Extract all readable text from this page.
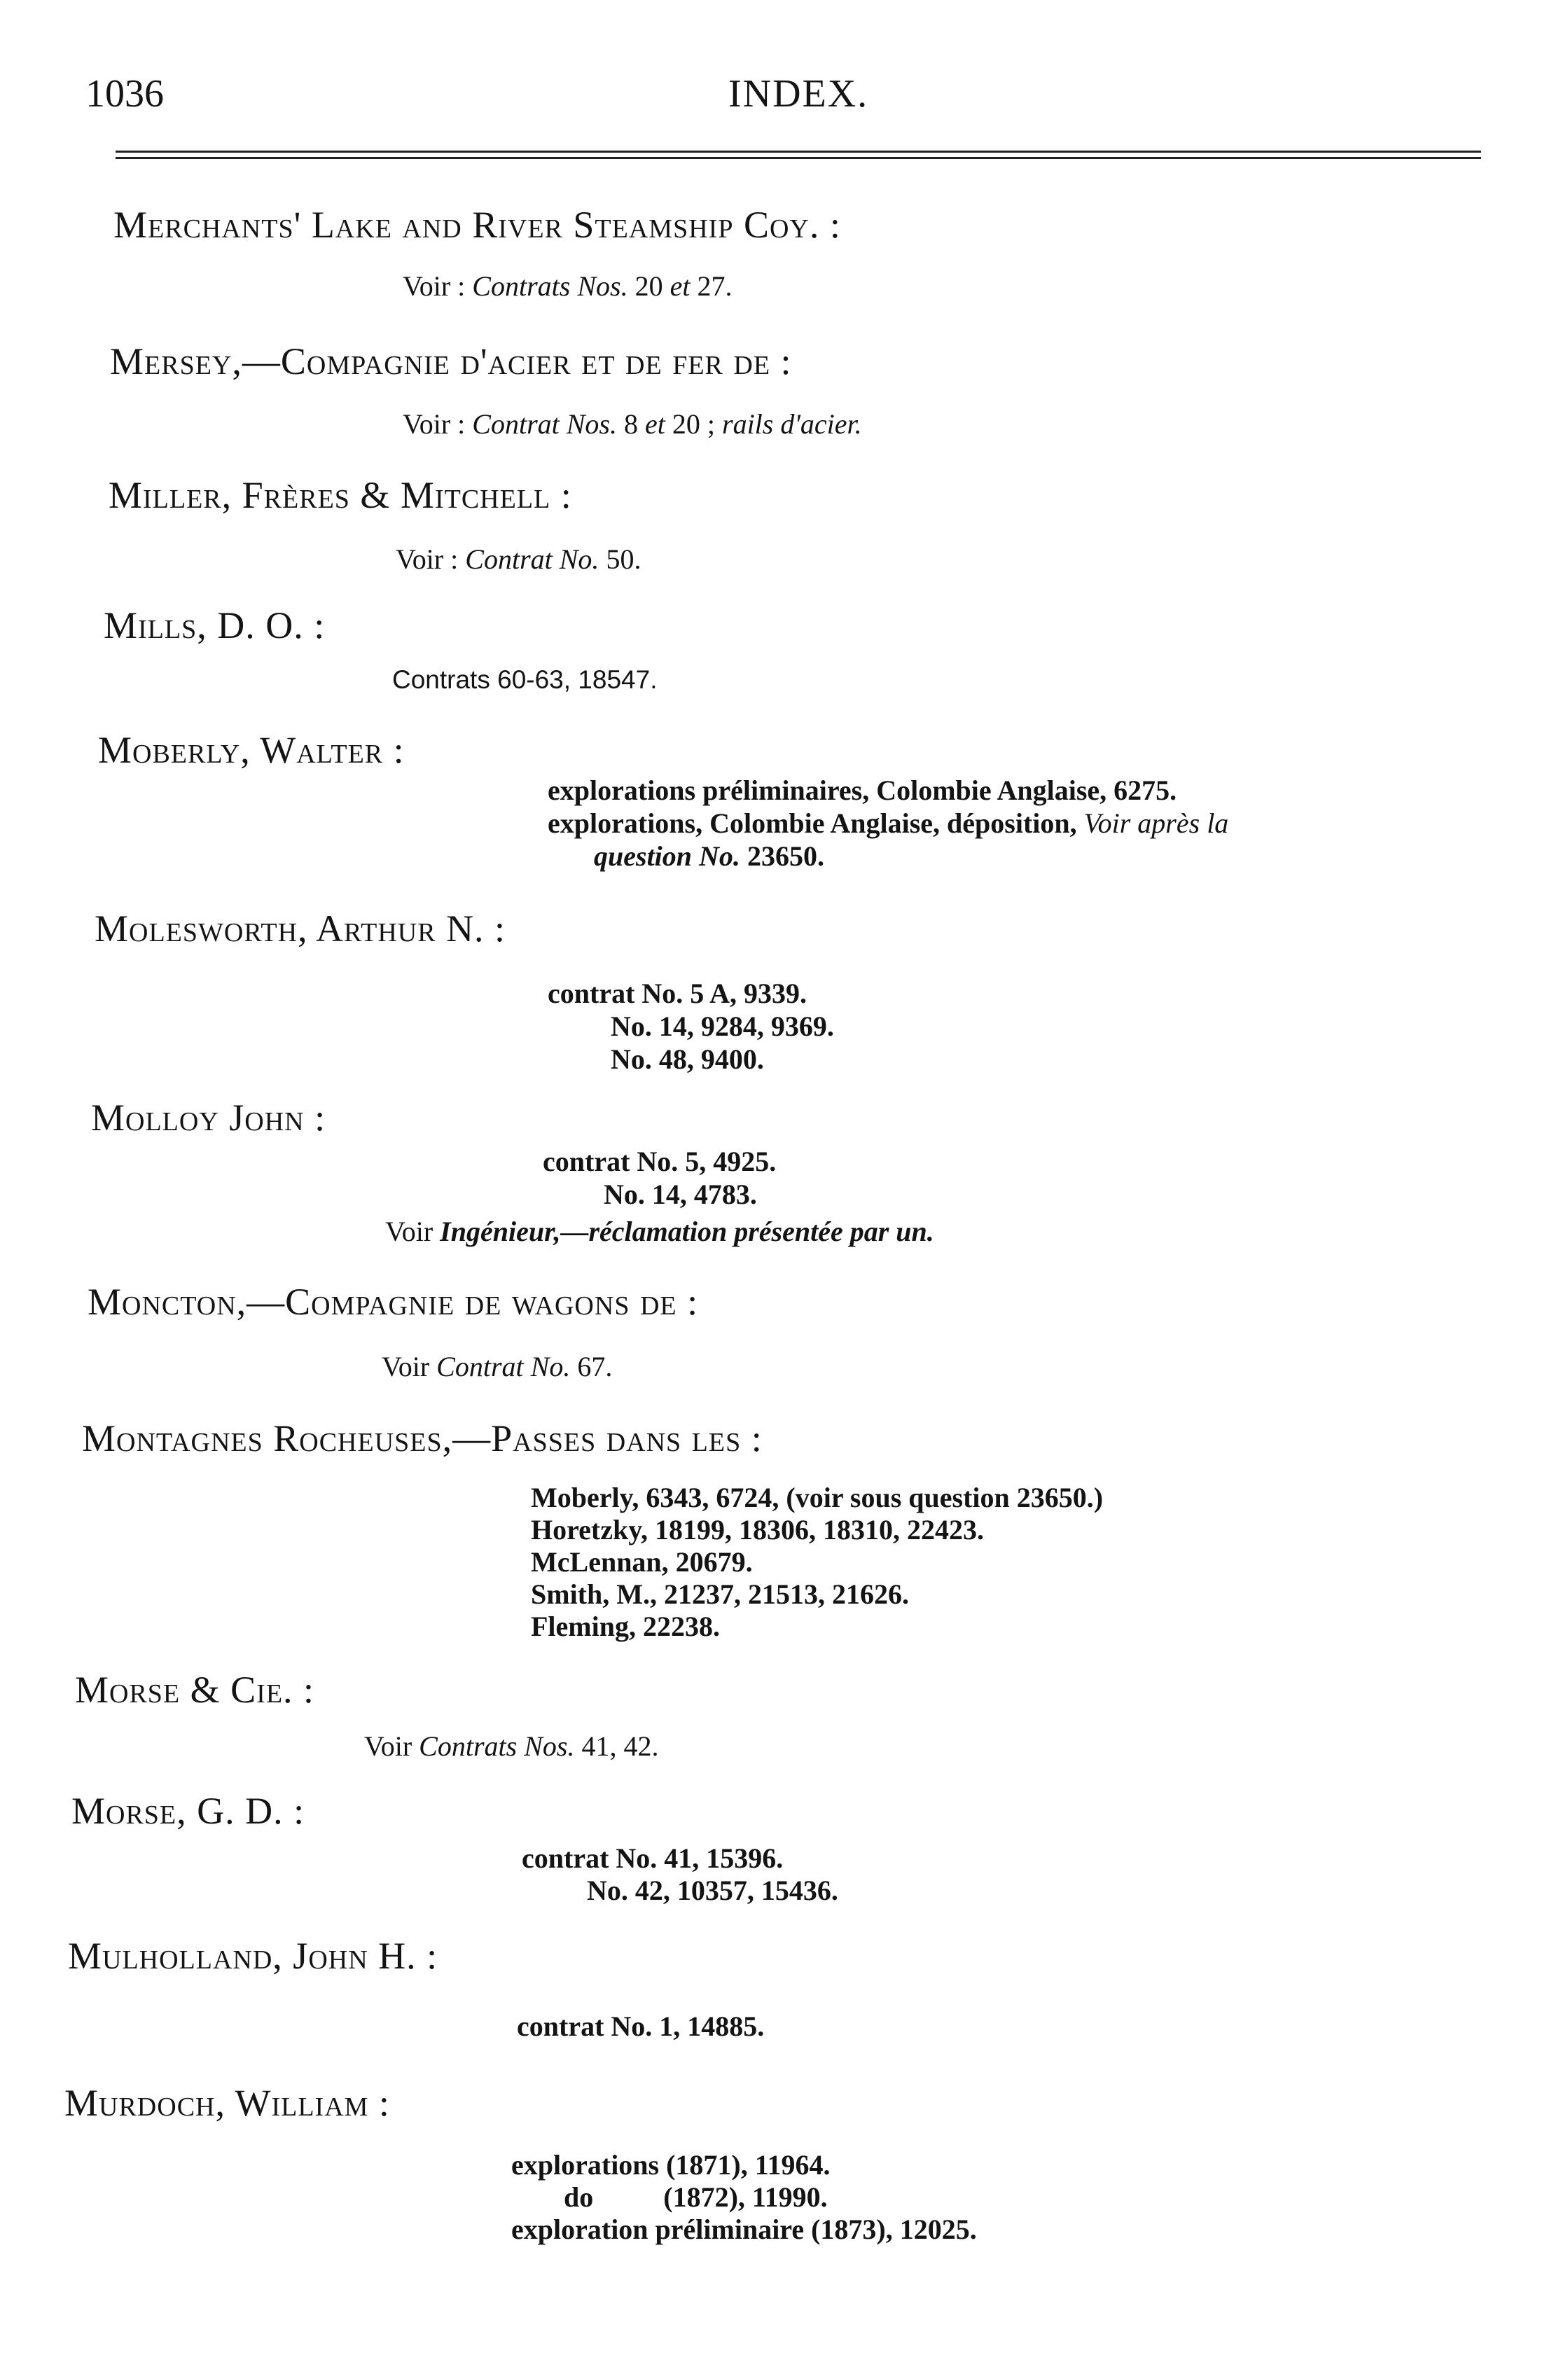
1036	INDEX.
Merchants' Lake and River Steamship Coy. :
Voir : Contrats Nos. 20 et 27.
Mersey,—Compagnie d'acier et de fer de :
Voir : Contrat Nos. 8 et 20 ; rails d'acier.
Miller, Frères & Mitchell :
Voir : Contrat No. 50.
Mills, D. O. :
Contrats 60-63, 18547.
Moberly, Walter :
explorations préliminaires, Colombie Anglaise, 6275.
explorations, Colombie Anglaise, déposition, Voir après la
question No. 23650.
Molesworth, Arthur N. :
contrat No. 5 A, 9339.
No. 14, 9284, 9369.
No. 48, 9400.
Molloy John :
contrat No. 5, 4925.
No. 14, 4783.
Voir Ingénieur,—réclamation présentée par un.
Moncton,—Compagnie de wagons de :
Voir Contrat No. 67.
Montagnes Rocheuses,—Passes dans les :
Moberly, 6343, 6724, (voir sous question 23650.)
Horetzky, 18199, 18306, 18310, 22423.
McLennan, 20679.
Smith, M., 21237, 21513, 21626.
Fleming, 22238.
Morse & Cie. :
Voir Contrats Nos. 41, 42.
Morse, G. D. :
contrat No. 41, 15396.
No. 42, 10357, 15436.
Mulholland, John H. :
contrat No. 1, 14885.
Murdoch, William :
explorations (1871), 11964.
do          (1872), 11990.
exploration préliminaire (1873), 12025.
